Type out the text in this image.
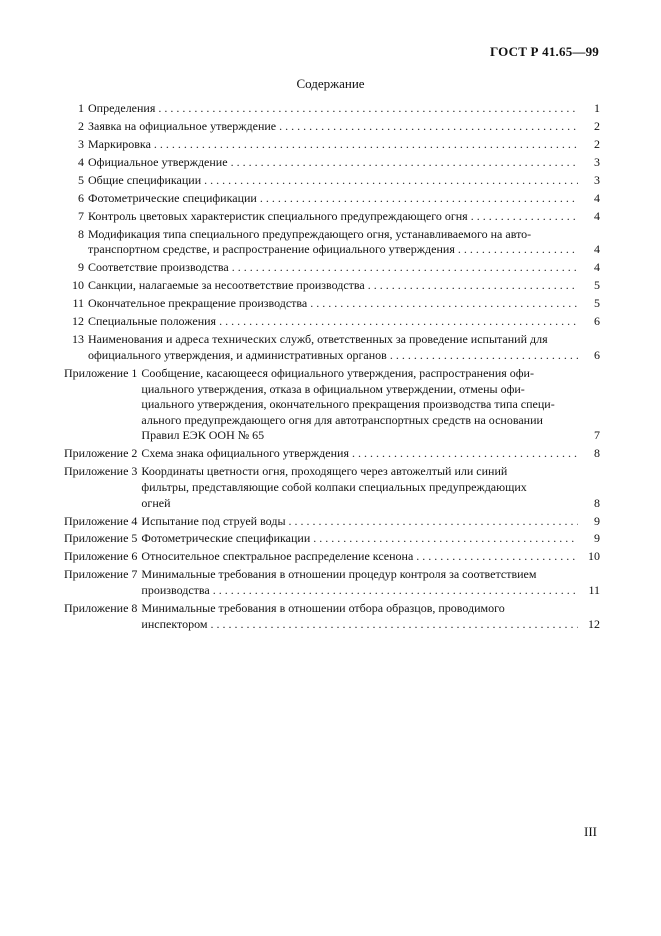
ГОСТ Р 41.65—99
Содержание
1 Определения . . .	1
2 Заявка на официальное утверждение . . .	2
3 Маркировка . . .	2
4 Официальное утверждение . . .	3
5 Общие спецификации . . .	3
6 Фотометрические спецификации . . .	4
7 Контроль цветовых характеристик специального предупреждающего огня . . .	4
8 Модификация типа специального предупреждающего огня, устанавливаемого на авто-
транспортном средстве, и распространение официального утверждения . . .	4
9 Соответствие производства . . .	4
10 Санкции, налагаемые за несоответствие производства . . .	5
11 Окончательное прекращение производства . . .	5
12 Специальные положения . . .	6
13 Наименования и адреса технических служб, ответственных за проведение испытаний для
официального утверждения, и административных органов . . .	6
Приложение 1 Сообщение, касающееся официального утверждения, распространения офи-
циального утверждения, отказа в официальном утверждении, отмены офи-
циального утверждения, окончательного прекращения производства типа специ-
ального предупреждающего огня для автотранспортных средств на основании
Правил ЕЭК ООН № 65	7
Приложение 2 Схема знака официального утверждения . . .	8
Приложение 3 Координаты цветности огня, проходящего через автожелтый или синий
фильтры, представляющие собой колпаки специальных предупреждающих
огней	8
Приложение 4 Испытание под струей воды . . .	9
Приложение 5 Фотометрические спецификации . . .	9
Приложение 6 Относительное спектральное распределение ксенона . . .	10
Приложение 7 Минимальные требования в отношении процедур контроля за соответствием
производства . . .	11
Приложение 8 Минимальные требования в отношении отбора образцов, проводимого
инспектором . . .	12
III
